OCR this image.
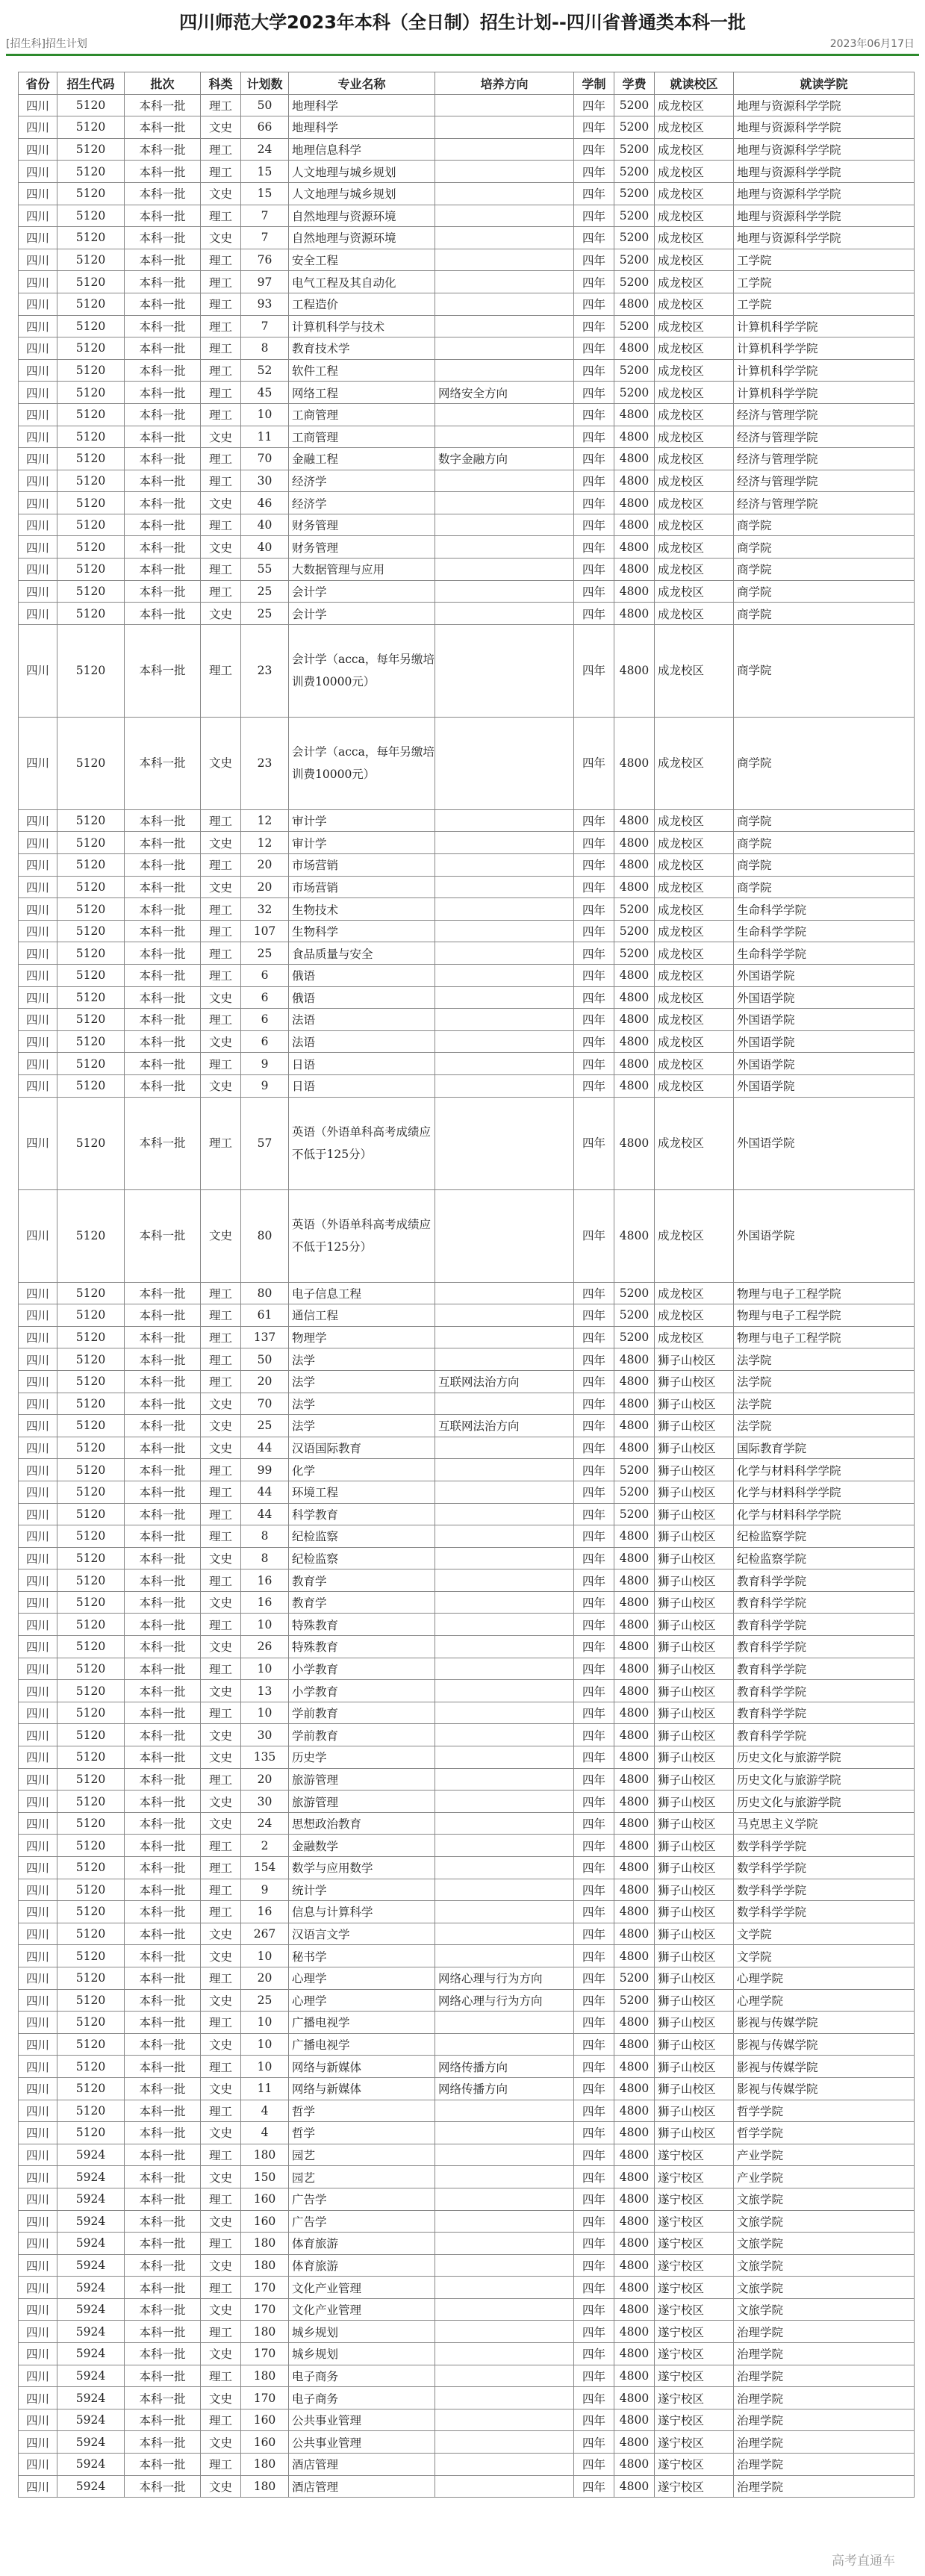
四川师范大学2023年本科（全日制）招生计划--四川省普通类本科一批
[招生科]招生计划	2023年06月17日
省份	招生代码	批次	科类	计划数	专业名称	培养方向	学制	学费	就读校区	就读学院
四川	5120	本科一批	理工	50	地理科学		四年	5200	成龙校区	地理与资源科学学院
四川	5120	本科一批	文史	66	地理科学		四年	5200	成龙校区	地理与资源科学学院
四川	5120	本科一批	理工	24	地理信息科学		四年	5200	成龙校区	地理与资源科学学院
四川	5120	本科一批	理工	15	人文地理与城乡规划		四年	5200	成龙校区	地理与资源科学学院
四川	5120	本科一批	文史	15	人文地理与城乡规划		四年	5200	成龙校区	地理与资源科学学院
四川	5120	本科一批	理工	7	自然地理与资源环境		四年	5200	成龙校区	地理与资源科学学院
四川	5120	本科一批	文史	7	自然地理与资源环境		四年	5200	成龙校区	地理与资源科学学院
四川	5120	本科一批	理工	76	安全工程		四年	5200	成龙校区	工学院
四川	5120	本科一批	理工	97	电气工程及其自动化		四年	5200	成龙校区	工学院
四川	5120	本科一批	理工	93	工程造价		四年	4800	成龙校区	工学院
四川	5120	本科一批	理工	7	计算机科学与技术		四年	5200	成龙校区	计算机科学学院
四川	5120	本科一批	理工	8	教育技术学		四年	4800	成龙校区	计算机科学学院
四川	5120	本科一批	理工	52	软件工程		四年	5200	成龙校区	计算机科学学院
四川	5120	本科一批	理工	45	网络工程	网络安全方向	四年	5200	成龙校区	计算机科学学院
四川	5120	本科一批	理工	10	工商管理		四年	4800	成龙校区	经济与管理学院
四川	5120	本科一批	文史	11	工商管理		四年	4800	成龙校区	经济与管理学院
四川	5120	本科一批	理工	70	金融工程	数字金融方向	四年	4800	成龙校区	经济与管理学院
四川	5120	本科一批	理工	30	经济学		四年	4800	成龙校区	经济与管理学院
四川	5120	本科一批	文史	46	经济学		四年	4800	成龙校区	经济与管理学院
四川	5120	本科一批	理工	40	财务管理		四年	4800	成龙校区	商学院
四川	5120	本科一批	文史	40	财务管理		四年	4800	成龙校区	商学院
四川	5120	本科一批	理工	55	大数据管理与应用		四年	4800	成龙校区	商学院
四川	5120	本科一批	理工	25	会计学		四年	4800	成龙校区	商学院
四川	5120	本科一批	文史	25	会计学		四年	4800	成龙校区	商学院
四川	5120	本科一批	理工	23	会计学（acca，每年另缴培训费10000元）		四年	4800	成龙校区	商学院
四川	5120	本科一批	文史	23	会计学（acca，每年另缴培训费10000元）		四年	4800	成龙校区	商学院
四川	5120	本科一批	理工	12	审计学		四年	4800	成龙校区	商学院
四川	5120	本科一批	文史	12	审计学		四年	4800	成龙校区	商学院
四川	5120	本科一批	理工	20	市场营销		四年	4800	成龙校区	商学院
四川	5120	本科一批	文史	20	市场营销		四年	4800	成龙校区	商学院
四川	5120	本科一批	理工	32	生物技术		四年	5200	成龙校区	生命科学学院
四川	5120	本科一批	理工	107	生物科学		四年	5200	成龙校区	生命科学学院
四川	5120	本科一批	理工	25	食品质量与安全		四年	5200	成龙校区	生命科学学院
四川	5120	本科一批	理工	6	俄语		四年	4800	成龙校区	外国语学院
四川	5120	本科一批	文史	6	俄语		四年	4800	成龙校区	外国语学院
四川	5120	本科一批	理工	6	法语		四年	4800	成龙校区	外国语学院
四川	5120	本科一批	文史	6	法语		四年	4800	成龙校区	外国语学院
四川	5120	本科一批	理工	9	日语		四年	4800	成龙校区	外国语学院
四川	5120	本科一批	文史	9	日语		四年	4800	成龙校区	外国语学院
四川	5120	本科一批	理工	57	英语（外语单科高考成绩应不低于125分）		四年	4800	成龙校区	外国语学院
四川	5120	本科一批	文史	80	英语（外语单科高考成绩应不低于125分）		四年	4800	成龙校区	外国语学院
四川	5120	本科一批	理工	80	电子信息工程		四年	5200	成龙校区	物理与电子工程学院
四川	5120	本科一批	理工	61	通信工程		四年	5200	成龙校区	物理与电子工程学院
四川	5120	本科一批	理工	137	物理学		四年	5200	成龙校区	物理与电子工程学院
四川	5120	本科一批	理工	50	法学		四年	4800	狮子山校区	法学院
四川	5120	本科一批	理工	20	法学	互联网法治方向	四年	4800	狮子山校区	法学院
四川	5120	本科一批	文史	70	法学		四年	4800	狮子山校区	法学院
四川	5120	本科一批	文史	25	法学	互联网法治方向	四年	4800	狮子山校区	法学院
四川	5120	本科一批	文史	44	汉语国际教育		四年	4800	狮子山校区	国际教育学院
四川	5120	本科一批	理工	99	化学		四年	5200	狮子山校区	化学与材料科学学院
四川	5120	本科一批	理工	44	环境工程		四年	5200	狮子山校区	化学与材料科学学院
四川	5120	本科一批	理工	44	科学教育		四年	5200	狮子山校区	化学与材料科学学院
四川	5120	本科一批	理工	8	纪检监察		四年	4800	狮子山校区	纪检监察学院
四川	5120	本科一批	文史	8	纪检监察		四年	4800	狮子山校区	纪检监察学院
四川	5120	本科一批	理工	16	教育学		四年	4800	狮子山校区	教育科学学院
四川	5120	本科一批	文史	16	教育学		四年	4800	狮子山校区	教育科学学院
四川	5120	本科一批	理工	10	特殊教育		四年	4800	狮子山校区	教育科学学院
四川	5120	本科一批	文史	26	特殊教育		四年	4800	狮子山校区	教育科学学院
四川	5120	本科一批	理工	10	小学教育		四年	4800	狮子山校区	教育科学学院
四川	5120	本科一批	文史	13	小学教育		四年	4800	狮子山校区	教育科学学院
四川	5120	本科一批	理工	10	学前教育		四年	4800	狮子山校区	教育科学学院
四川	5120	本科一批	文史	30	学前教育		四年	4800	狮子山校区	教育科学学院
四川	5120	本科一批	文史	135	历史学		四年	4800	狮子山校区	历史文化与旅游学院
四川	5120	本科一批	理工	20	旅游管理		四年	4800	狮子山校区	历史文化与旅游学院
四川	5120	本科一批	文史	30	旅游管理		四年	4800	狮子山校区	历史文化与旅游学院
四川	5120	本科一批	文史	24	思想政治教育		四年	4800	狮子山校区	马克思主义学院
四川	5120	本科一批	理工	2	金融数学		四年	4800	狮子山校区	数学科学学院
四川	5120	本科一批	理工	154	数学与应用数学		四年	4800	狮子山校区	数学科学学院
四川	5120	本科一批	理工	9	统计学		四年	4800	狮子山校区	数学科学学院
四川	5120	本科一批	理工	16	信息与计算科学		四年	4800	狮子山校区	数学科学学院
四川	5120	本科一批	文史	267	汉语言文学		四年	4800	狮子山校区	文学院
四川	5120	本科一批	文史	10	秘书学		四年	4800	狮子山校区	文学院
四川	5120	本科一批	理工	20	心理学	网络心理与行为方向	四年	5200	狮子山校区	心理学院
四川	5120	本科一批	文史	25	心理学	网络心理与行为方向	四年	5200	狮子山校区	心理学院
四川	5120	本科一批	理工	10	广播电视学		四年	4800	狮子山校区	影视与传媒学院
四川	5120	本科一批	文史	10	广播电视学		四年	4800	狮子山校区	影视与传媒学院
四川	5120	本科一批	理工	10	网络与新媒体	网络传播方向	四年	4800	狮子山校区	影视与传媒学院
四川	5120	本科一批	文史	11	网络与新媒体	网络传播方向	四年	4800	狮子山校区	影视与传媒学院
四川	5120	本科一批	理工	4	哲学		四年	4800	狮子山校区	哲学学院
四川	5120	本科一批	文史	4	哲学		四年	4800	狮子山校区	哲学学院
四川	5924	本科一批	理工	180	园艺		四年	4800	遂宁校区	产业学院
四川	5924	本科一批	文史	150	园艺		四年	4800	遂宁校区	产业学院
四川	5924	本科一批	理工	160	广告学		四年	4800	遂宁校区	文旅学院
四川	5924	本科一批	文史	160	广告学		四年	4800	遂宁校区	文旅学院
四川	5924	本科一批	理工	180	体育旅游		四年	4800	遂宁校区	文旅学院
四川	5924	本科一批	文史	180	体育旅游		四年	4800	遂宁校区	文旅学院
四川	5924	本科一批	理工	170	文化产业管理		四年	4800	遂宁校区	文旅学院
四川	5924	本科一批	文史	170	文化产业管理		四年	4800	遂宁校区	文旅学院
四川	5924	本科一批	理工	180	城乡规划		四年	4800	遂宁校区	治理学院
四川	5924	本科一批	文史	170	城乡规划		四年	4800	遂宁校区	治理学院
四川	5924	本科一批	理工	180	电子商务		四年	4800	遂宁校区	治理学院
四川	5924	本科一批	文史	170	电子商务		四年	4800	遂宁校区	治理学院
四川	5924	本科一批	理工	160	公共事业管理		四年	4800	遂宁校区	治理学院
四川	5924	本科一批	文史	160	公共事业管理		四年	4800	遂宁校区	治理学院
四川	5924	本科一批	理工	180	酒店管理		四年	4800	遂宁校区	治理学院
四川	5924	本科一批	文史	180	酒店管理		四年	4800	遂宁校区	治理学院
高考直通车
